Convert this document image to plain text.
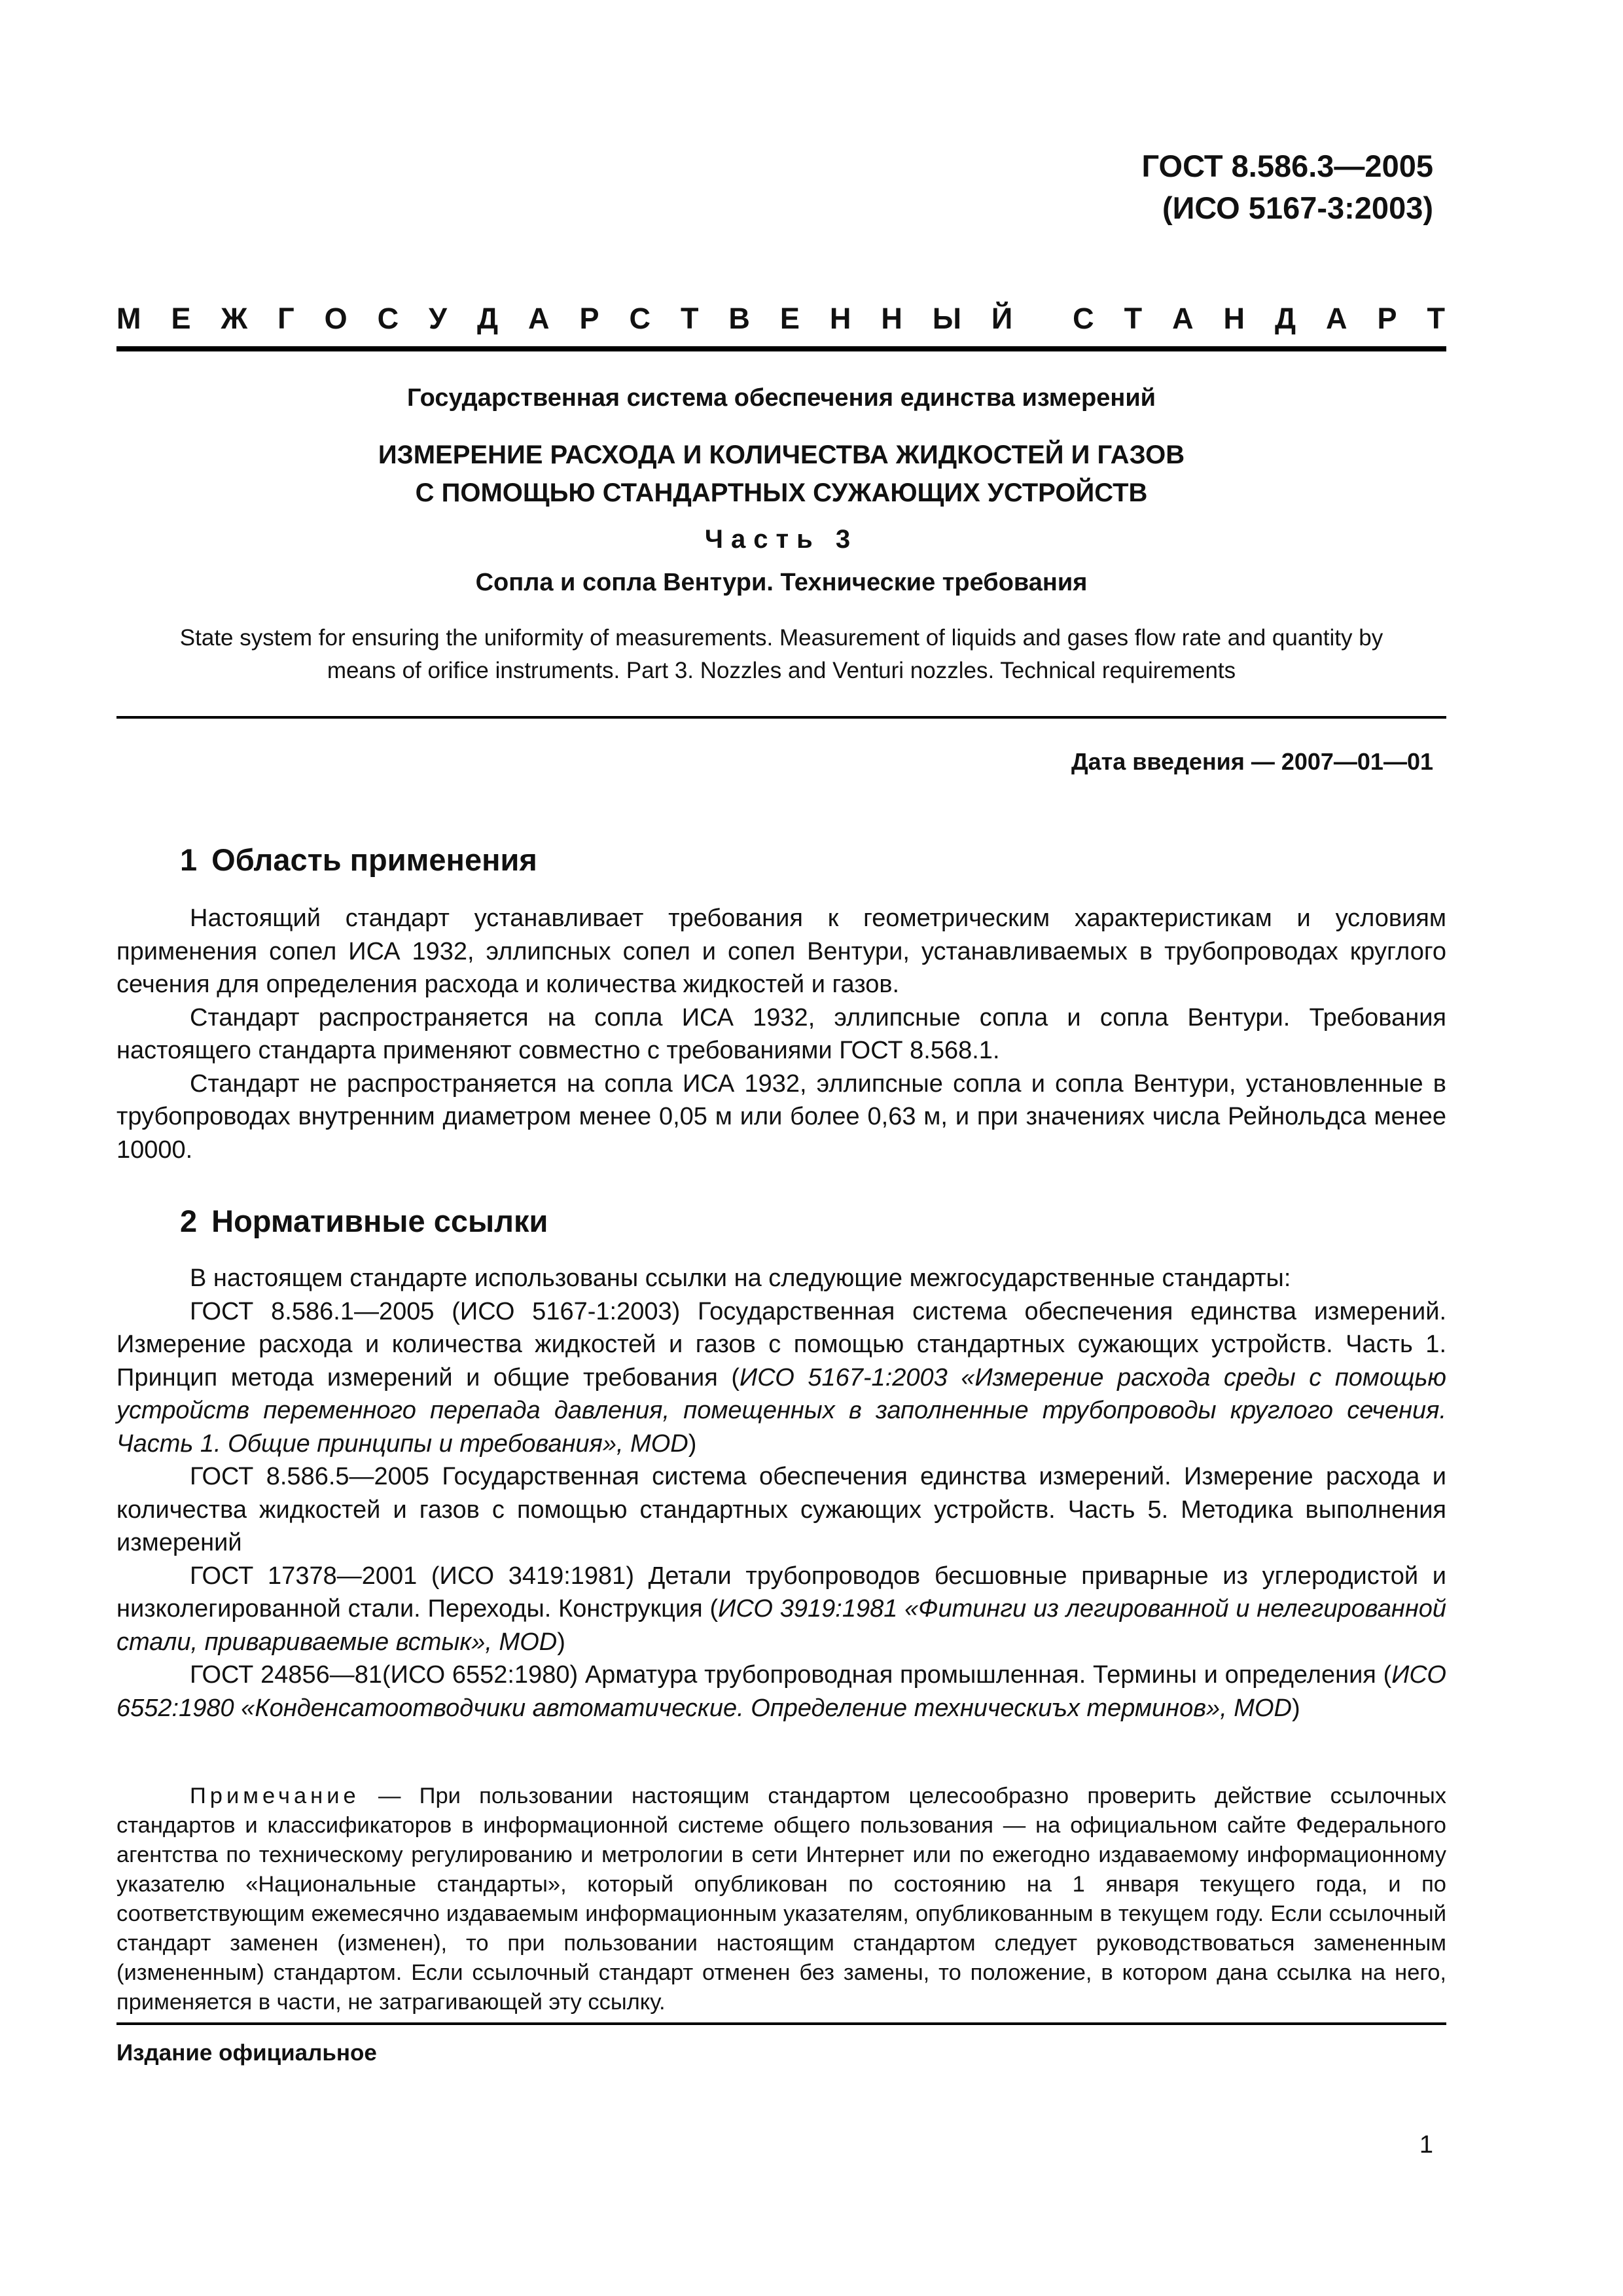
ГОСТ 8.586.3—2005
(ИСО 5167-3:2003)
М Е Ж Г О С У Д А Р С Т В Е Н Н Ы Й С Т А Н Д А Р Т
Государственная система обеспечения единства измерений
ИЗМЕРЕНИЕ РАСХОДА И КОЛИЧЕСТВА ЖИДКОСТЕЙ И ГАЗОВ
С ПОМОЩЬЮ СТАНДАРТНЫХ СУЖАЮЩИХ УСТРОЙСТВ
Часть 3
Сопла и сопла Вентури. Технические требования
State system for ensuring the uniformity of measurements. Measurement of liquids and gases flow rate and quantity by
means of orifice instruments. Part 3. Nozzles and Venturi nozzles. Technical requirements
Дата введения — 2007—01—01
1 Область применения

Настоящий стандарт устанавливает требования к геометрическим характеристикам и условиям применения сопел ИСА 1932, эллипсных сопел и сопел Вентури, устанавливаемых в трубопроводах круглого сечения для определения расхода и количества жидкостей и газов.

Стандарт распространяется на сопла ИСА 1932, эллипсные сопла и сопла Вентури. Требования настоящего стандарта применяют совместно с требованиями ГОСТ 8.568.1.

Стандарт не распространяется на сопла ИСА 1932, эллипсные сопла и сопла Вентури, установленные в трубопроводах внутренним диаметром менее 0,05 м или более 0,63 м, и при значениях числа Рейнольдса менее 10000.

2 Нормативные ссылки

В настоящем стандарте использованы ссылки на следующие межгосударственные стандарты:

ГОСТ 8.586.1—2005 (ИСО 5167-1:2003) Государственная система обеспечения единства измерений. Измерение расхода и количества жидкостей и газов с помощью стандартных сужающих устройств. Часть 1. Принцип метода измерений и общие требования (ИСО 5167-1:2003 «Измерение расхода среды с помощью устройств переменного перепада давления, помещенных в заполненные трубопроводы круглого сечения. Часть 1. Общие принципы и требования», MOD)

ГОСТ 8.586.5—2005 Государственная система обеспечения единства измерений. Измерение расхода и количества жидкостей и газов с помощью стандартных сужающих устройств. Часть 5. Методика выполнения измерений

ГОСТ 17378—2001 (ИСО 3419:1981) Детали трубопроводов бесшовные приварные из углеродистой и низколегированной стали. Переходы. Конструкция (ИСО 3919:1981 «Фитинги из легированной и нелегированной стали, привариваемые встык», MOD)

ГОСТ 24856—81(ИСО 6552:1980) Арматура трубопроводная промышленная. Термины и определения (ИСО 6552:1980 «Конденсатоотводчики автоматические. Определение техническиъх терминов», MOD)

Примечание — При пользовании настоящим стандартом целесообразно проверить действие ссылочных стандартов и классификаторов в информационной системе общего пользования — на официальном сайте Федерального агентства по техническому регулированию и метрологии в сети Интернет или по ежегодно издаваемому информационному указателю «Национальные стандарты», который опубликован по состоянию на 1 января текущего года, и по соответствующим ежемесячно издаваемым информационным указателям, опубликованным в текущем году. Если ссылочный стандарт заменен (изменен), то при пользовании настоящим стандартом следует руководствоваться замененным (измененным) стандартом. Если ссылочный стандарт отменен без замены, то положение, в котором дана ссылка на него, применяется в части, не затрагивающей эту ссылку.

Издание официальное
1
